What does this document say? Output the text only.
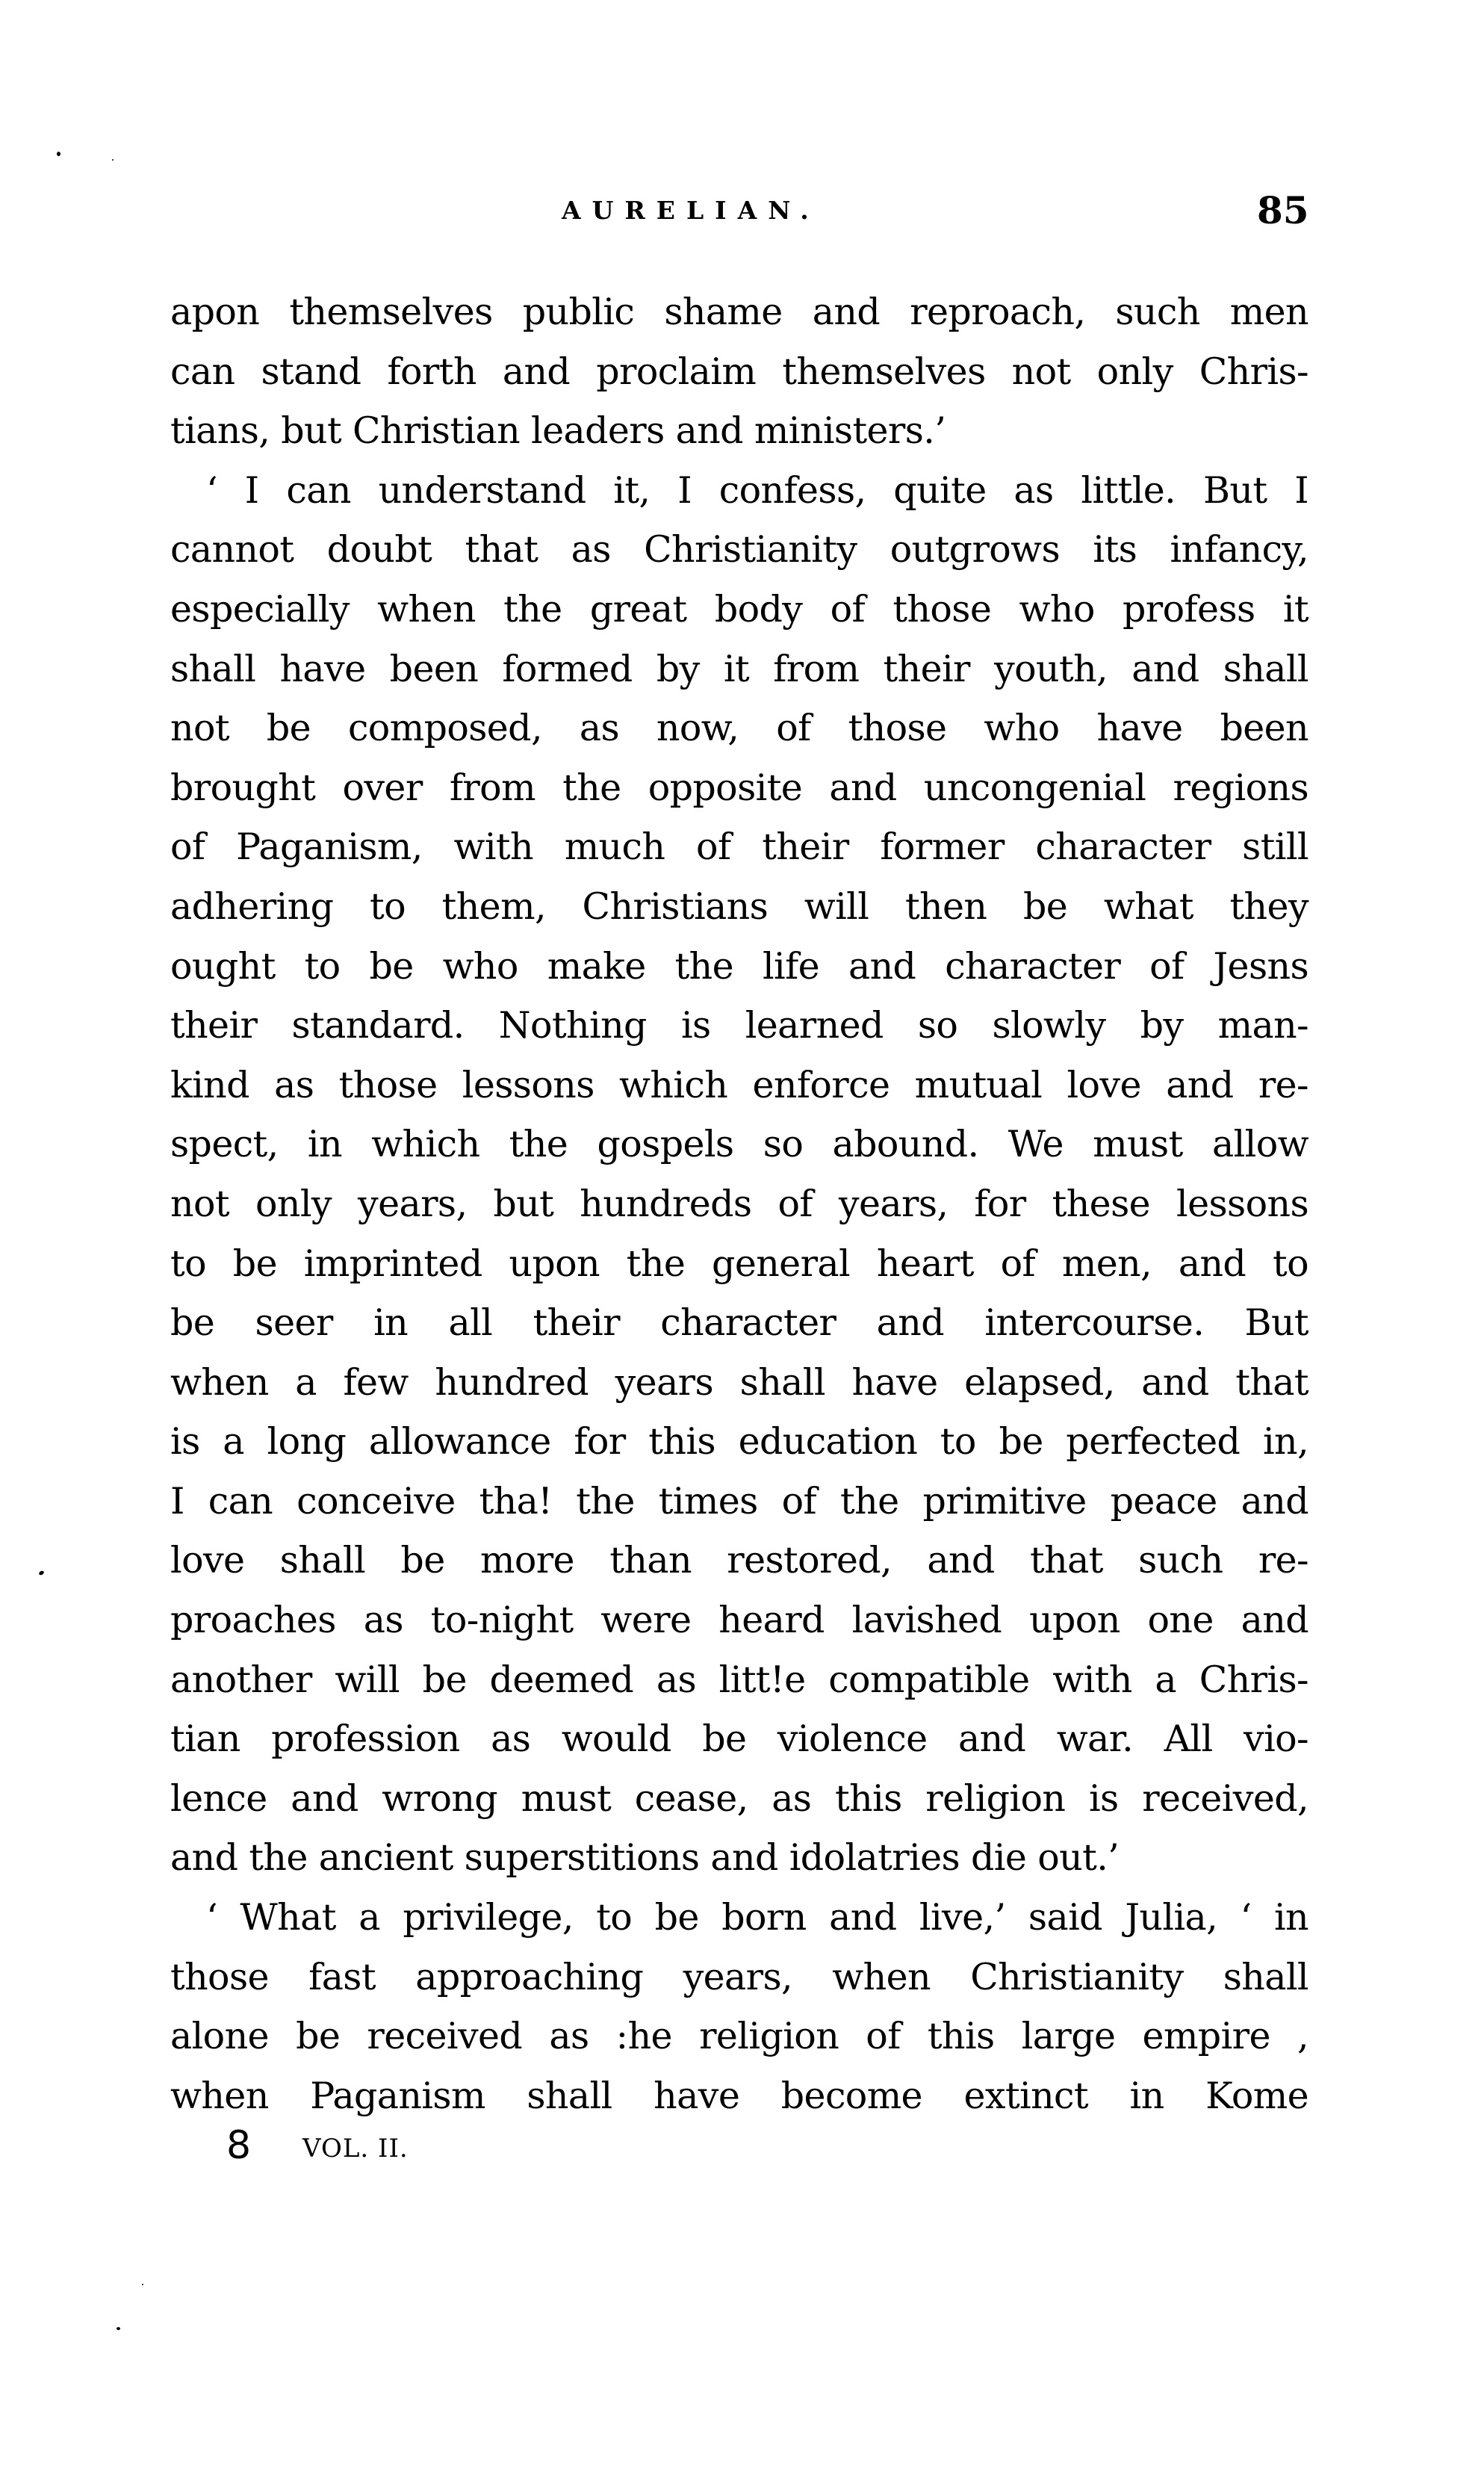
AURELIAN.	85
apon themselves public shame and reproach, such men
can stand forth and proclaim themselves not only Chris-
tians, but Christian leaders and ministers.’
‘ I can understand it, I confess, quite as little. But I
cannot doubt that as Christianity outgrows its infancy,
especially when the great body of those who profess it
shall have been formed by it from their youth, and shall
not be composed, as now, of those who have been
brought over from the opposite and uncongenial regions
of Paganism, with much of their former character still
adhering to them, Christians will then be what they
ought to be who make the life and character of Jesns
their standard. Nothing is learned so slowly by man-
kind as those lessons which enforce mutual love and re-
spect, in which the gospels so abound. We must allow
not only years, but hundreds of years, for these lessons
to be imprinted upon the general heart of men, and to
be seer in all their character and intercourse. But
when a few hundred years shall have elapsed, and that
is a long allowance for this education to be perfected in,
I can conceive tha! the times of the primitive peace and
love shall be more than restored, and that such re-
proaches as to-night were heard lavished upon one and
another will be deemed as litt!e compatible with a Chris-
tian profession as would be violence and war. All vio-
lence and wrong must cease, as this religion is received,
and the ancient superstitions and idolatries die out.’
‘ What a privilege, to be born and live,’ said Julia, ‘ in
those fast approaching years, when Christianity shall
alone be received as :he religion of this large empire ,
when Paganism shall have become extinct in Kome
8 VOL. II.
